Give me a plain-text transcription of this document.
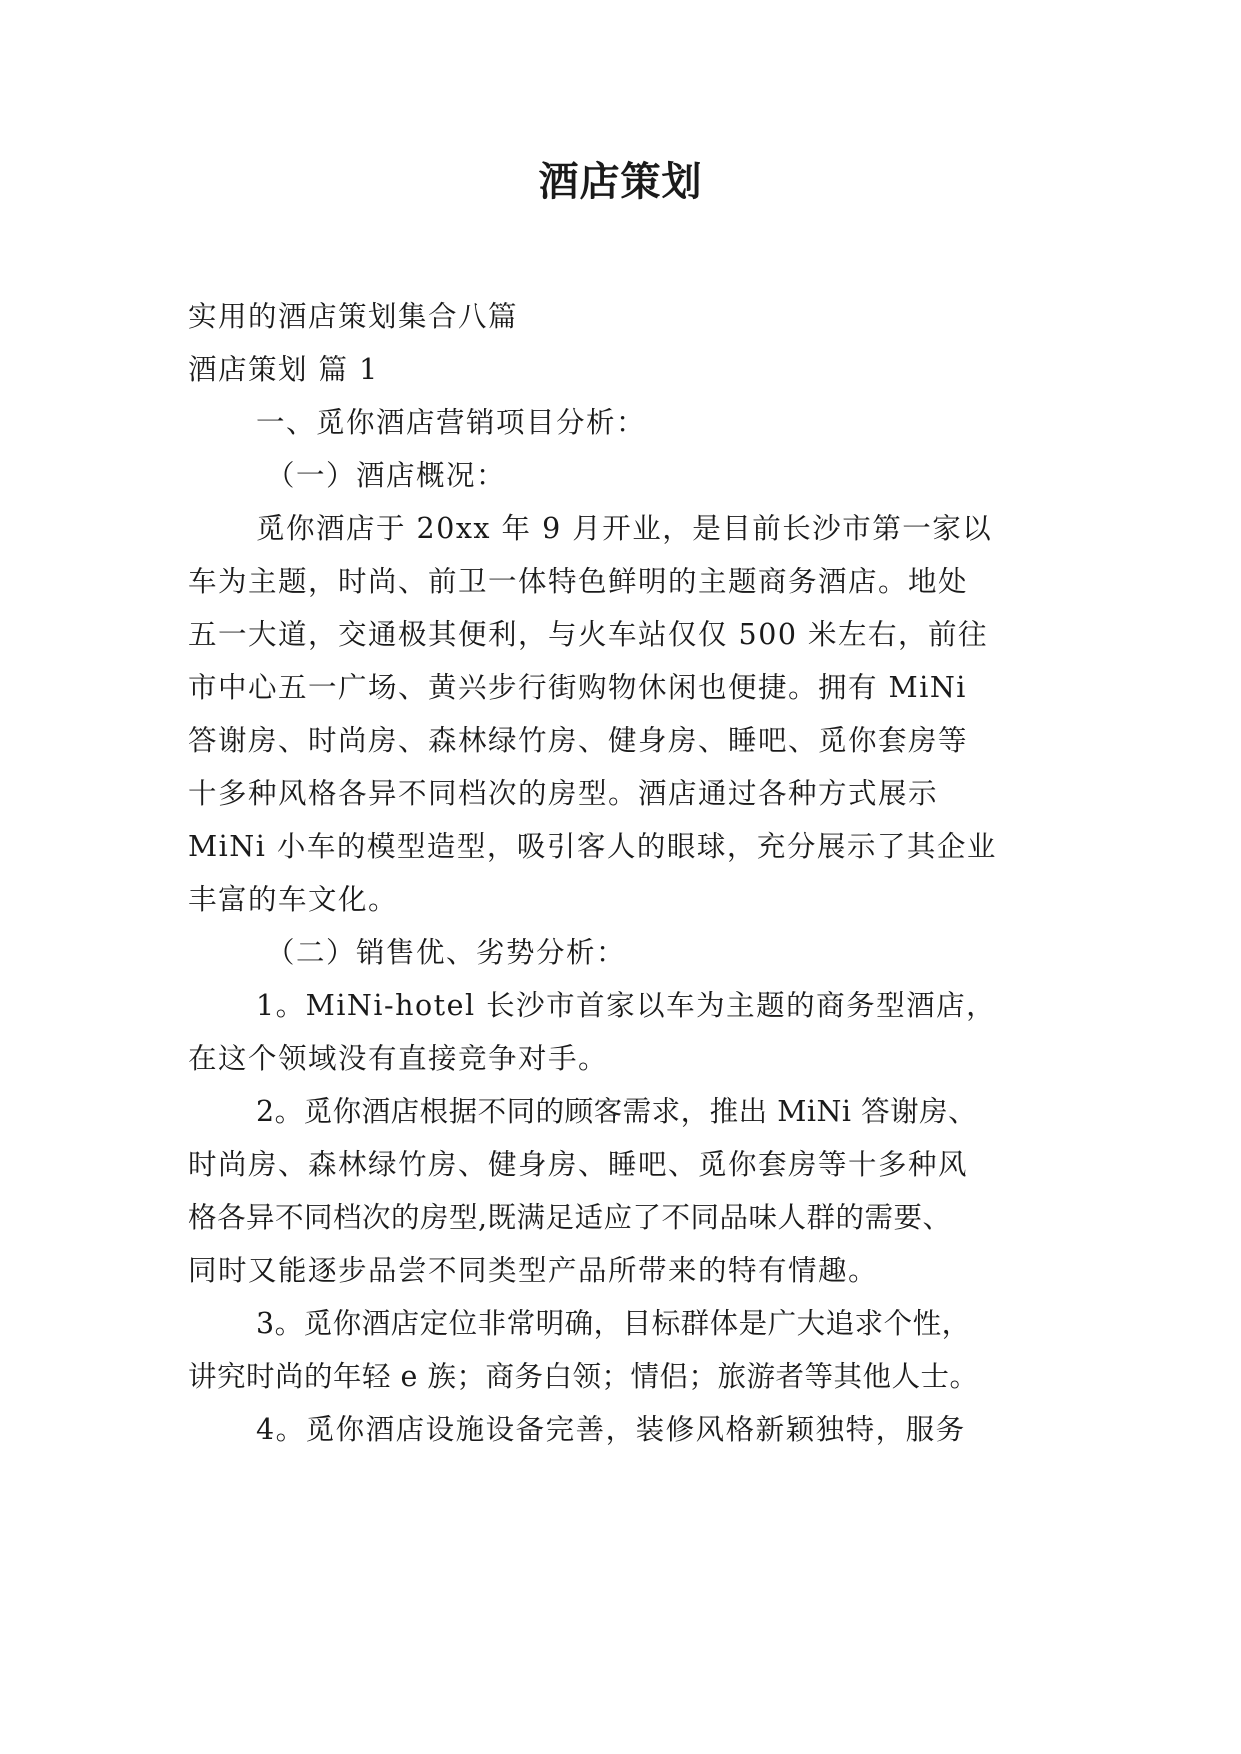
酒店策划
实用的酒店策划集合八篇
酒店策划 篇 1
一、觅你酒店营销项目分析：
（一）酒店概况：
觅你酒店于 20xx 年 9 月开业，是目前长沙市第一家以
车为主题，时尚、前卫一体特色鲜明的主题商务酒店。地处
五一大道，交通极其便利，与火车站仅仅 500 米左右，前往
市中心五一广场、黄兴步行街购物休闲也便捷。拥有 MiNi
答谢房、时尚房、森林绿竹房、健身房、睡吧、觅你套房等
十多种风格各异不同档次的房型。酒店通过各种方式展示
MiNi 小车的模型造型，吸引客人的眼球，充分展示了其企业
丰富的车文化。
（二）销售优、劣势分析：
1。MiNi-hotel 长沙市首家以车为主题的商务型酒店，
在这个领域没有直接竞争对手。
2。觅你酒店根据不同的顾客需求，推出 MiNi 答谢房、
时尚房、森林绿竹房、健身房、睡吧、觅你套房等十多种风
格各异不同档次的房型,既满足适应了不同品味人群的需要、
同时又能逐步品尝不同类型产品所带来的特有情趣。
3。觅你酒店定位非常明确，目标群体是广大追求个性，
讲究时尚的年轻 e 族；商务白领；情侣；旅游者等其他人士。
4。觅你酒店设施设备完善，装修风格新颖独特，服务
